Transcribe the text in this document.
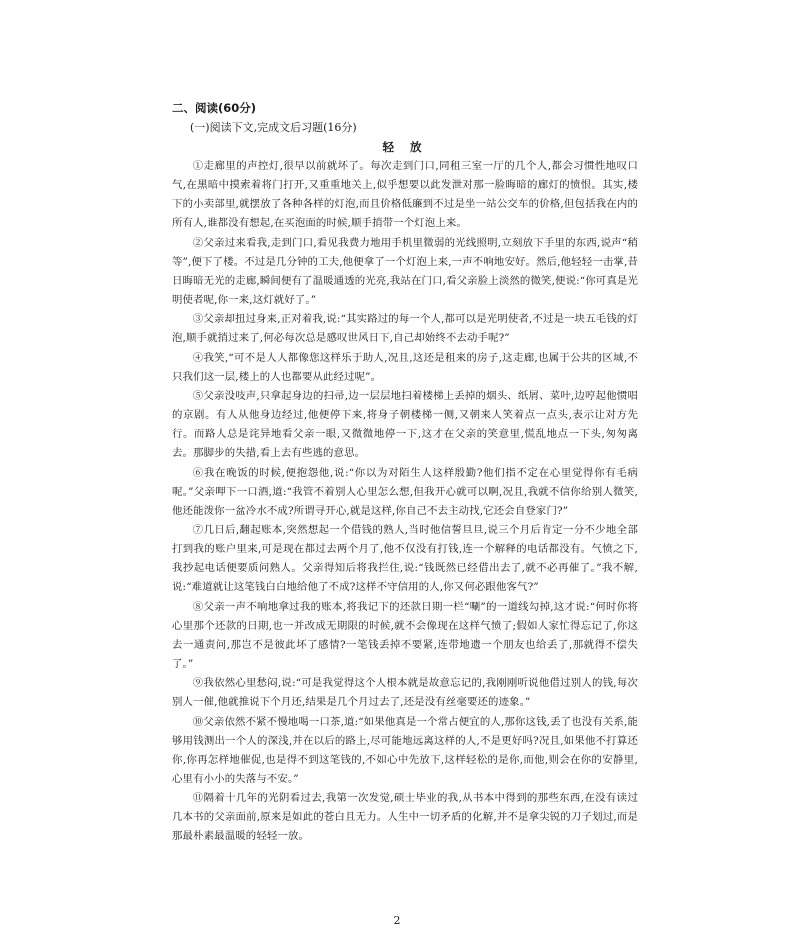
二、阅读(60分)

(一)阅读下文,完成文后习题(16分)

轻 放

①走廊里的声控灯,很早以前就坏了。每次走到门口,同租三室一厅的几个人,都会习惯性地叹口气,在黑暗中摸索着将门打开,又重重地关上,似乎想要以此发泄对那一脸晦暗的廊灯的愤恨。其实,楼下的小卖部里,就摆放了各种各样的灯泡,而且价格低廉到不过是坐一站公交车的价格,但包括我在内的所有人,谁都没有想起,在买泡面的时候,顺手捎带一个灯泡上来。

②父亲过来看我,走到门口,看见我费力地用手机里微弱的光线照明,立刻放下手里的东西,说声“稍等”,便下了楼。不过是几分钟的工夫,他便拿了一个灯泡上来,一声不响地安好。然后,他轻轻一击掌,昔日晦暗无光的走廊,瞬间便有了温暖通透的光亮,我站在门口,看父亲脸上淡然的微笑,便说:“你可真是光明使者呢,你一来,这灯就好了。”

③父亲却扭过身来,正对着我,说:“其实路过的每一个人,都可以是光明使者,不过是一块五毛钱的灯泡,顺手就捎过来了,何必每次总是感叹世风日下,自己却始终不去动手呢?”

④我笑,“可不是人人都像您这样乐于助人,况且,这还是租来的房子,这走廊,也属于公共的区域,不只我们这一层,楼上的人也都要从此经过呢”。

⑤父亲没吱声,只拿起身边的扫帚,边一层层地扫着楼梯上丢掉的烟头、纸屑、菜叶,边哼起他惯唱的京剧。有人从他身边经过,他便停下来,将身子朝楼梯一侧,又朝来人笑着点一点头,表示让对方先行。而路人总是诧异地看父亲一眼,又微微地停一下,这才在父亲的笑意里,慌乱地点一下头,匆匆离去。那脚步的失措,看上去有些逃的意思。

⑥我在晚饭的时候,便抱怨他,说:“你以为对陌生人这样殷勤?他们指不定在心里觉得你有毛病呢。”父亲呷下一口酒,道:“我管不着别人心里怎么想,但我开心就可以啊,况且,我就不信你给别人微笑,他还能泼你一盆冷水不成?所谓寻开心,就是这样,你自己不去主动找,它还会自登家门?”

⑦几日后,翻起账本,突然想起一个借钱的熟人,当时他信誓旦旦,说三个月后肯定一分不少地全部打到我的账户里来,可是现在都过去两个月了,他不仅没有打钱,连一个解释的电话都没有。气愤之下,我抄起电话便要质问熟人。父亲得知后将我拦住,说:“钱既然已经借出去了,就不必再催了。”我不解,说:“难道就让这笔钱白白地给他了不成?这样不守信用的人,你又何必跟他客气?”

⑧父亲一声不响地拿过我的账本,将我记下的还款日期一栏“唰”的一道线勾掉,这才说:“何时你将心里那个还款的日期,也一并改成无期限的时候,就不会像现在这样气愤了;假如人家忙得忘记了,你这去一通责问,那岂不是彼此坏了感情?一笔钱丢掉不要紧,连带地遗一个朋友也给丢了,那就得不偿失了。”

⑨我依然心里愁闷,说:“可是我觉得这个人根本就是故意忘记的,我刚刚听说他借过别人的钱,每次别人一催,他就推说下个月还,结果是几个月过去了,还是没有丝毫要还的迹象。”

⑩父亲依然不紧不慢地喝一口茶,道:“如果他真是一个常占便宜的人,那你这钱,丢了也没有关系,能够用钱测出一个人的深浅,并在以后的路上,尽可能地远离这样的人,不是更好吗?况且,如果他不打算还你,你再怎样地催促,也是得不到这笔钱的,不如心中先放下,这样轻松的是你,而他,则会在你的安静里,心里有小小的失落与不安。”

⑪隔着十几年的光阴看过去,我第一次发觉,硕士毕业的我,从书本中得到的那些东西,在没有读过几本书的父亲面前,原来是如此的苍白且无力。人生中一切矛盾的化解,并不是拿尖锐的刀子划过,而是那最朴素最温暖的轻轻一放。

2
